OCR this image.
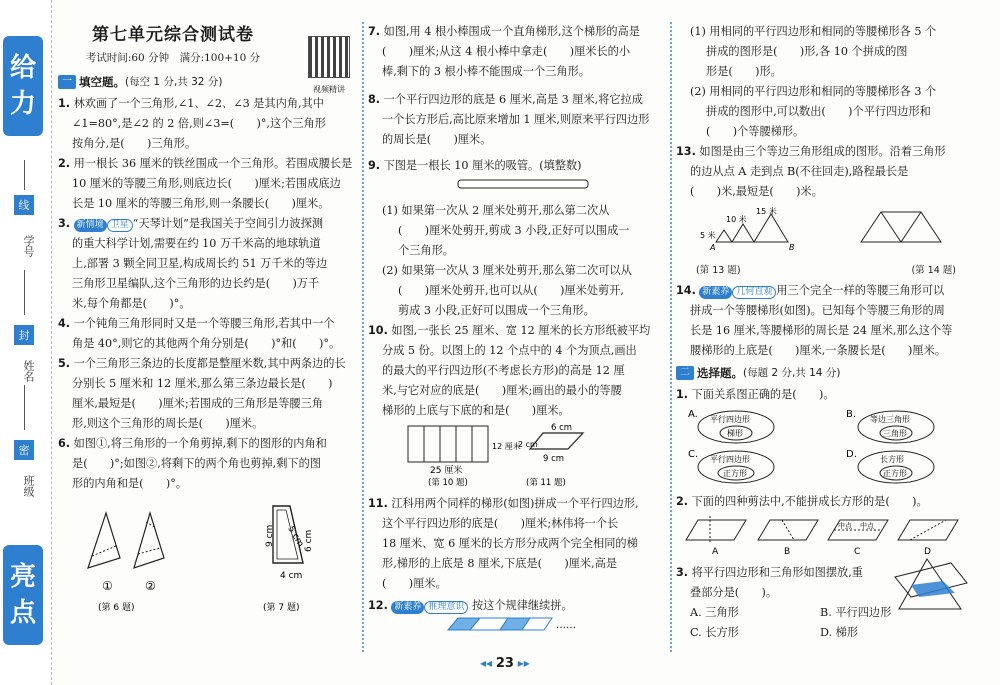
给
力
线
学号
封
姓名
密
班级
亮
点
第七单元综合测试卷
考试时间:60 分钟　满分:100+10 分
视频精讲
一 填空题。 (每空 1 分,共 32 分)
1. 林欢画了一个三角形,∠1、∠2、∠3 是其内角,其中
∠1=80°,是∠2 的 2 倍,则∠3=(　　)°,这个三角形
按角分,是(　　)三角形。
2. 用一根长 36 厘米的铁丝围成一个三角形。若围成腰长是
10 厘米的等腰三角形,则底边长(　　)厘米;若围成底边
长是 10 厘米的等腰三角形,则一条腰长(　　)厘米。
3. 新情境 卫星 “天琴计划”是我国关于空间引力波探测
的重大科学计划,需要在约 10 万千米高的地球轨道
上,部署 3 颗全同卫星,构成周长约 51 万千米的等边
三角形卫星编队,这个三角形的边长约是(　　)万千
米,每个角都是(　　)°。
4. 一个钝角三角形同时又是一个等腰三角形,若其中一个
角是 40°,则它的其他两个角分别是(　　)°和(　　)°。
5. 一个三角形三条边的长度都是整厘米数,其中两条边的长
分别长 5 厘米和 12 厘米,那么第三条边最长是(　　)
厘米,最短是(　　)厘米;若围成的三角形是等腰三角
形,则这个三角形的周长是(　　)厘米。
6. 如图①,将三角形的一个角剪掉,剩下的图形的内角和
是(　　)°;如图②,将剩下的两个角也剪掉,剩下的图
形的内角和是(　　)°。
①	②
(第 6 题)
5 cm
9 cm	6 cm
4 cm
(第 7 题)
7. 如图,用 4 根小棒围成一个直角梯形,这个梯形的高是
(　　)厘米;从这 4 根小棒中拿走(　　)厘米长的小
棒,剩下的 3 根小棒不能围成一个三角形。
8. 一个平行四边形的底是 6 厘米,高是 3 厘米,将它拉成
一个长方形后,高比原来增加 1 厘米,则原来平行四边形
的周长是(　　)厘米。
9. 下图是一根长 10 厘米的吸管。(填整数)
(1) 如果第一次从 2 厘米处剪开,那么第二次从
(　　)厘米处剪开,剪成 3 小段,正好可以围成一
个三角形。
(2) 如果第一次从 3 厘米处剪开,那么第二次可以从
(　　)厘米处剪开,也可以从(　　)厘米处剪开,
剪成 3 小段,正好可以围成一个三角形。
10. 如图,一张长 25 厘米、宽 12 厘米的长方形纸被平均
分成 5 份。以图上的 12 个点中的 4 个为顶点,画出
的最大的平行四边形(不考虑长方形)的高是 12 厘
米,与它对应的底是(　　)厘米;画出的最小的等腰
梯形的上底与下底的和是(　　)厘米。
25 厘米
12 厘米
(第 10 题)
6 cm
2 cm
9 cm
(第 11 题)
11. 江科用两个同样的梯形(如图)拼成一个平行四边形,
这个平行四边形的底是(　　)厘米;林伟将一个长
18 厘米、宽 6 厘米的长方形分成两个完全相同的梯
形,梯形的上底是 8 厘米,下底是(　　)厘米,高是
(　　)厘米。
12. 新素养 推理意识 按这个规律继续拼。
……
(1) 用相同的平行四边形和相同的等腰梯形各 5 个
拼成的图形是(　　)形,各 10 个拼成的图
形是(　　)形。
(2) 用相同的平行四边形和相同的等腰梯形各 3 个
拼成的图形中,可以数出(　　)个平行四边形和
(　　)个等腰梯形。
13. 如图是由三个等边三角形组成的图形。沿着三角形
的边从点 A 走到点 B(不往回走),路程最长是
(　　)米,最短是(　　)米。
10 米
15 米
5 米
A	B
(第 13 题)	(第 14 题)
14. 新素养 几何直观 用三个完全一样的等腰三角形可以
拼成一个等腰梯形(如图)。已知每个等腰三角形的周
长是 16 厘米,等腰梯形的周长是 24 厘米,那么这个等
腰梯形的上底是(　　)厘米,一条腰长是(　　)厘米。
二 选择题。 (每题 2 分,共 14 分)
1. 下面关系图正确的是(　　)。
A. 平行四边形
梯形
B. 等边三角形
三角形
C. 平行四边形
正方形
D.	长方形
正方形
2. 下面的四种剪法中,不能拼成长方形的是(　　)。
A	B
中点 中点
C	D
3. 将平行四边形和三角形如图摆放,重
叠部分是(　　)。
A. 三角形	B. 平行四边形
C. 长方形	D. 梯形
◂◂ 23 ▸▸
